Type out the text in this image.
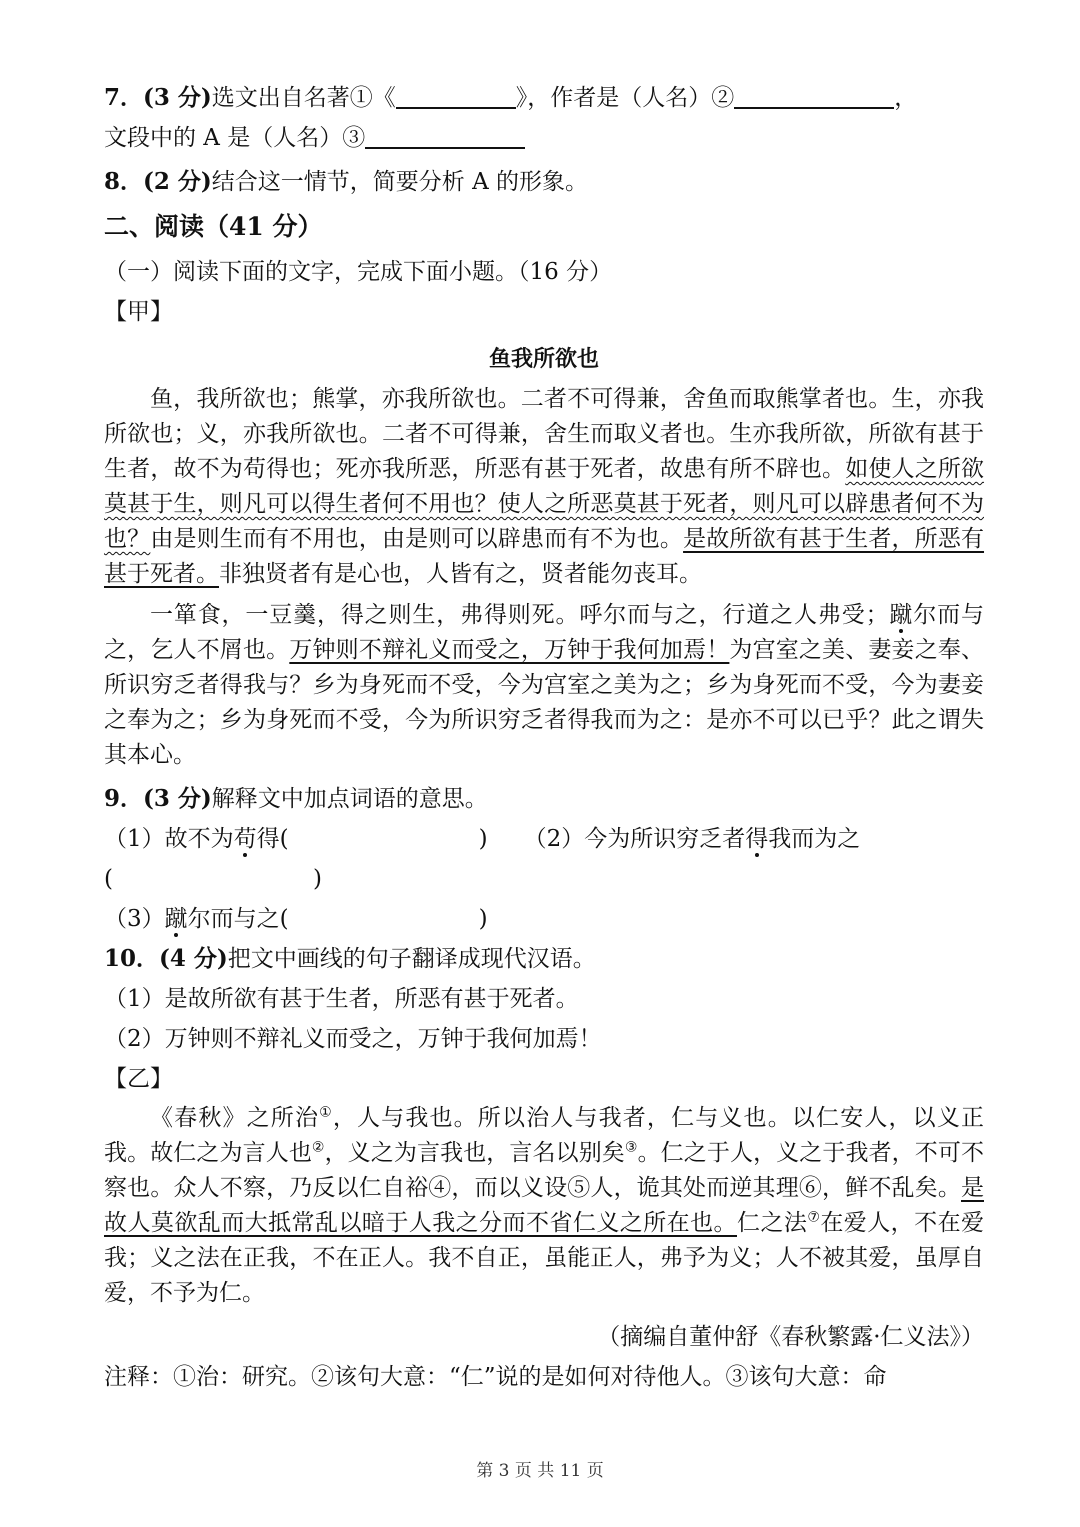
7．(3 分)选文出自名著①《	》，作者是（人名）②	，
文段中的 A 是（人名）③
8．(2 分)结合这一情节，简要分析 A 的形象。
二、阅读（41 分）
（一）阅读下面的文字，完成下面小题。（16 分）
【甲】
鱼我所欲也
鱼，我所欲也；熊掌，亦我所欲也。二者不可得兼，舍鱼而取熊掌者也。生，亦我所欲也；义，亦我所欲也。二者不可得兼，舍生而取义者也。生亦我所欲，所欲有甚于生者，故不为苟得也；死亦我所恶，所恶有甚于死者，故患有所不辟也。如使人之所欲莫甚于生，则凡可以得生者何不用也？使人之所恶莫甚于死者，则凡可以辟患者何不为也？由是则生而有不用也，由是则可以辟患而有不为也。是故所欲有甚于生者，所恶有甚于死者。非独贤者有是心也，人皆有之，贤者能勿丧耳。
一箪食，一豆羹，得之则生，弗得则死。呼尔而与之，行道之人弗受；蹴尔而与之，乞人不屑也。万钟则不辩礼义而受之，万钟于我何加焉！为宫室之美、妻妾之奉、所识穷乏者得我与？乡为身死而不受，今为宫室之美为之；乡为身死而不受，今为妻妾之奉为之；乡为身死而不受，今为所识穷乏者得我而为之：是亦不可以已乎？此之谓失其本心。
9．(3 分)解释文中加点词语的意思。
（1）故不为苟得(	) （2）今为所识穷乏者得我而为之
(	)
（3）蹴尔而与之(	)
10．(4 分)把文中画线的句子翻译成现代汉语。
（1）是故所欲有甚于生者，所恶有甚于死者。
（2）万钟则不辩礼义而受之，万钟于我何加焉！
【乙】
《春秋》之所治①，人与我也。所以治人与我者，仁与义也。以仁安人，以义正我。故仁之为言人也②，义之为言我也，言名以别矣③。仁之于人，义之于我者，不可不察也。众人不察，乃反以仁自裕④，而以义设⑤人，诡其处而逆其理⑥，鲜不乱矣。是故人莫欲乱而大抵常乱以暗于人我之分而不省仁义之所在也。仁之法⑦在爱人，不在爱我；义之法在正我，不在正人。我不自正，虽能正人，弗予为义；人不被其爱，虽厚自爱，不予为仁。
（摘编自董仲舒《春秋繁露·仁义法》）
注释：①治：研究。②该句大意：“仁”说的是如何对待他人。③该句大意：命
第 3 页 共 11 页
